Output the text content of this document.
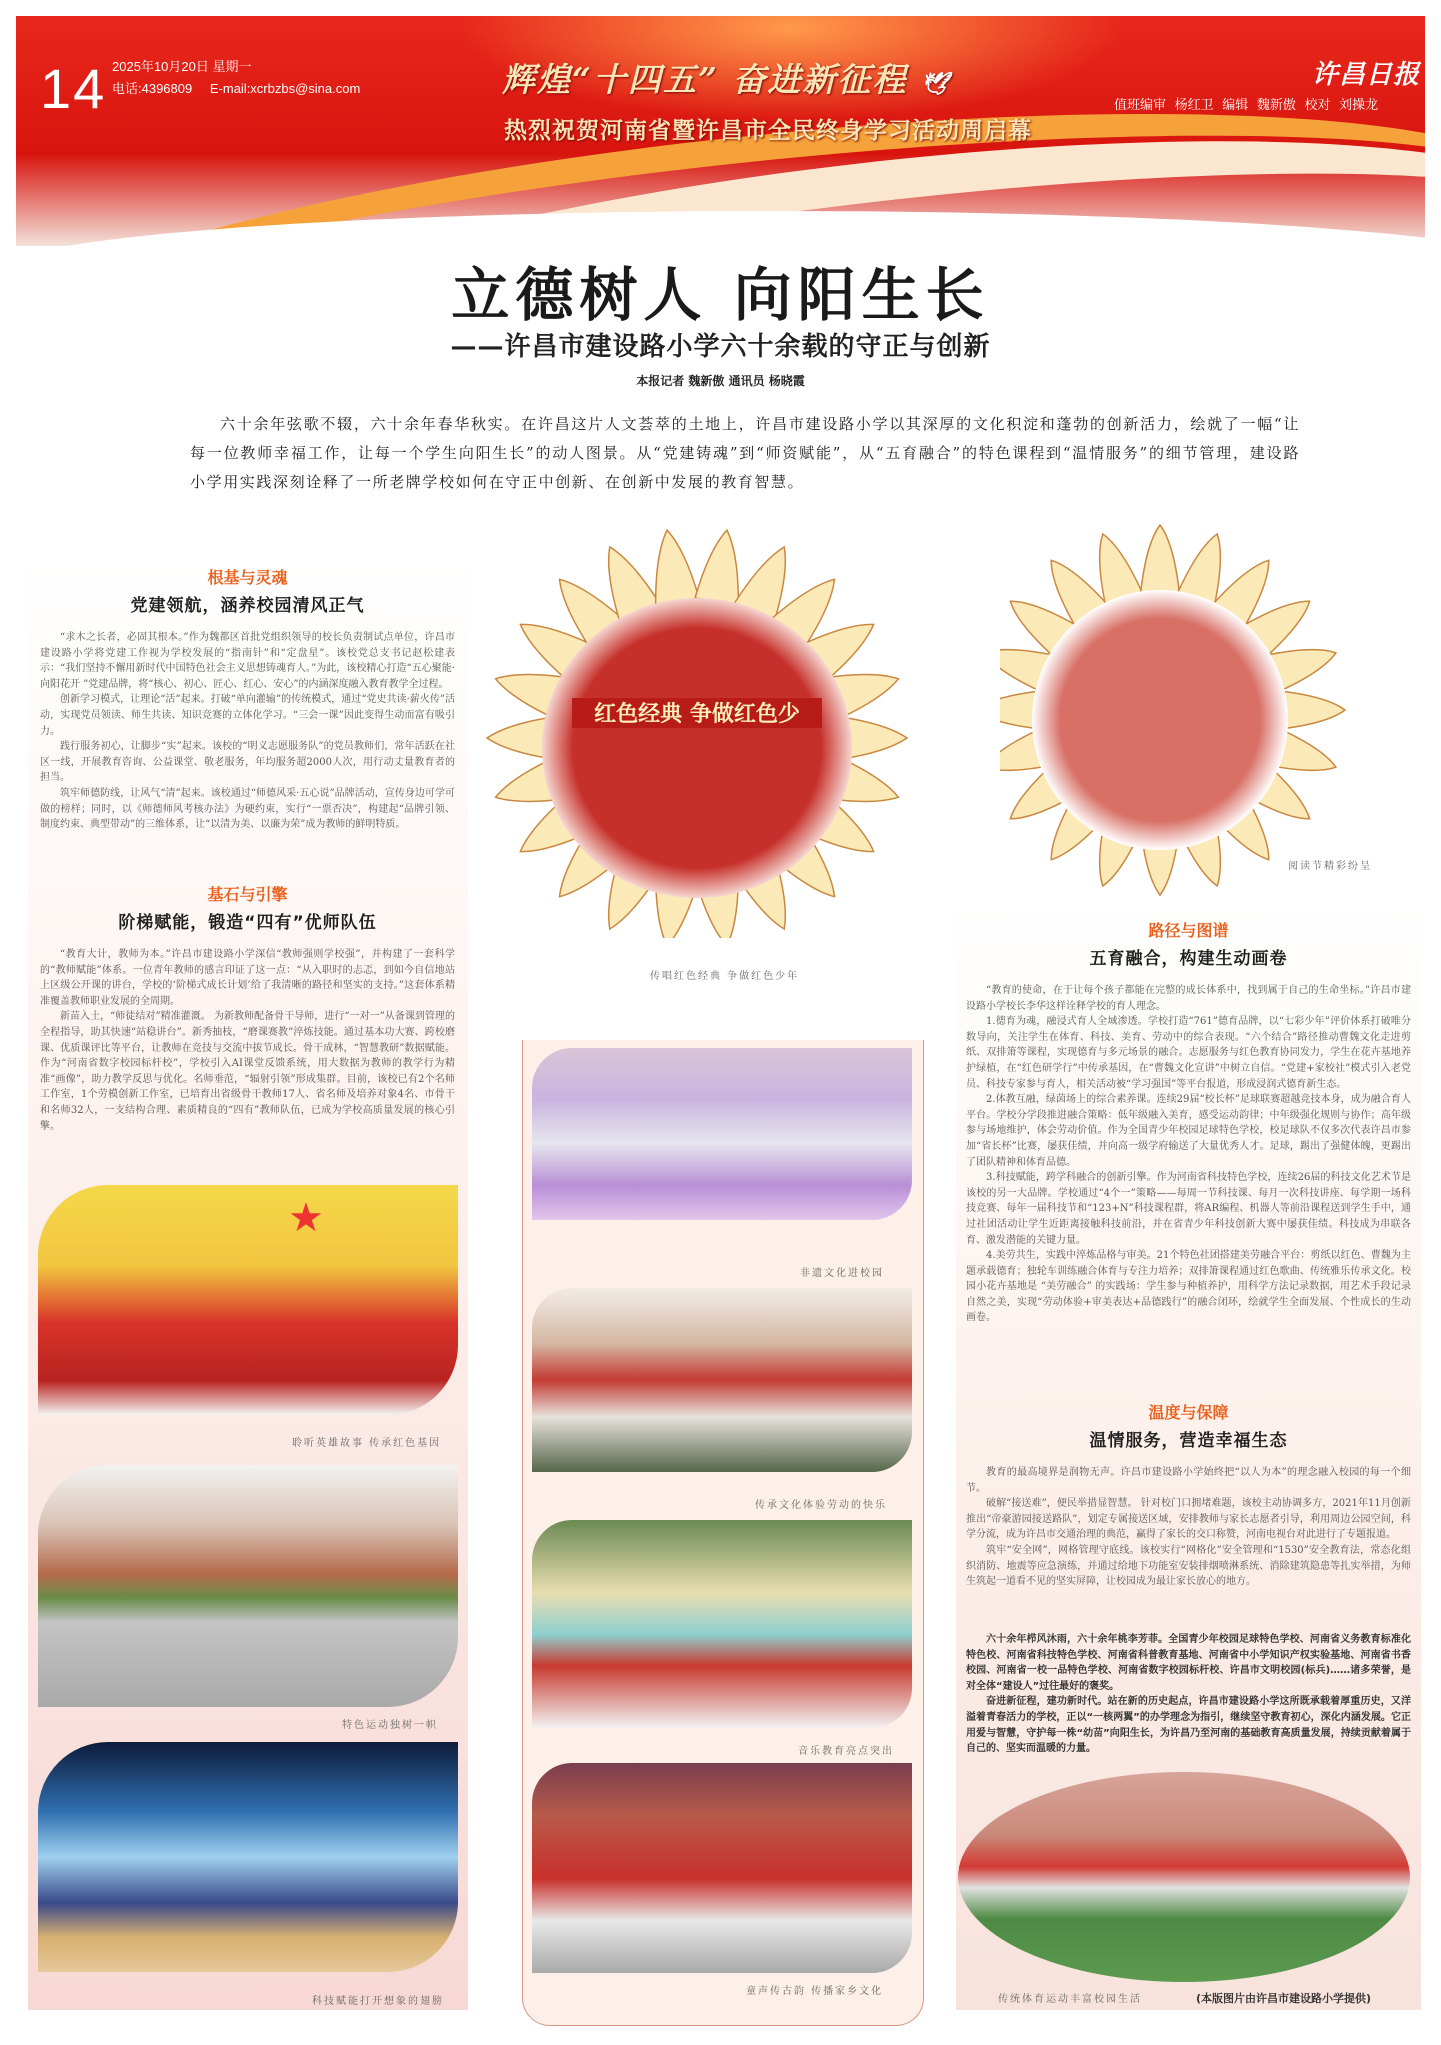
14 2025年10月20日 星期一
电话:4396809 E-mail:xcrbzbs@sina.com	辉煌“十四五” 奋进新征程 🕊
热烈祝贺河南省暨许昌市全民终身学习活动周启幕
许昌日报
值班编审 杨红卫 编辑 魏新傲 校对 刘操龙
立德树人 向阳生长
——许昌市建设路小学六十余载的守正与创新
本报记者 魏新傲 通讯员 杨晓霞
六十余年弦歌不辍，六十余年春华秋实。在许昌这片人文荟萃的土地上，许昌市建设路小学以其深厚的文化积淀和蓬勃的创新活力，绘就了一幅“让每一位教师幸福工作，让每一个学生向阳生长”的动人图景。从“党建铸魂”到“师资赋能”，从“五育融合”的特色课程到“温情服务”的细节管理，建设路小学用实践深刻诠释了一所老牌学校如何在守正中创新、在创新中发展的教育智慧。
根基与灵魂
党建领航，涵养校园清风正气

“求木之长者，必固其根本。”作为魏都区首批党组织领导的校长负责制试点单位，许昌市建设路小学将党建工作视为学校发展的“指南针”和“定盘星”。该校党总支书记赵松建表示：“我们坚持不懈用新时代中国特色社会主义思想铸魂育人。”为此，该校精心打造“五心聚能·向阳花开 ”党建品牌，将“核心、初心、匠心、红心、安心”的内涵深度融入教育教学全过程。

创新学习模式，让理论“活”起来。打破“单向灌输”的传统模式，通过“党史共读·薪火传”活动，实现党员领读、师生共读、知识竞赛的立体化学习。“三会一课”因此变得生动而富有吸引力。

践行服务初心，让脚步“实”起来。该校的“明义志愿服务队”的党员教师们，常年活跃在社区一线，开展教育咨询、公益课堂、敬老服务，年均服务超2000人次，用行动丈量教育者的担当。

筑牢师德防线，让风气“清”起来。该校通过“师德风采·五心说”品牌活动，宣传身边可学可做的榜样；同时，以《师德师风考核办法》为硬约束，实行“一票否决”，构建起“品牌引领、制度约束、典型带动”的三维体系，让“以清为美、以廉为荣”成为教师的鲜明特质。

基石与引擎
阶梯赋能，锻造“四有”优师队伍

“教育大计，教师为本。”许昌市建设路小学深信“教师强则学校强”，并构建了一套科学的“教师赋能”体系。一位青年教师的感言印证了这一点：“从入职时的忐忑，到如今自信地站上区级公开课的讲台，学校的‘阶梯式成长计划’给了我清晰的路径和坚实的支持。”这套体系精准覆盖教师职业发展的全周期。

新苗入土，“师徒结对”精准灌溉。 为新教师配备骨干导师，进行“一对一”从备课到管理的全程指导，助其快速“站稳讲台”。新秀抽枝，“磨课赛教”淬炼技能。通过基本功大赛、跨校磨课、优质课评比等平台，让教师在竞技与交流中拔节成长。骨干成林，“智慧教研”数据赋能。 作为“河南省数字校园标杆校”，学校引入AI课堂反馈系统，用大数据为教师的教学行为精准“画像”，助力教学反思与优化。名师垂范，“辐射引领”形成集群。目前，该校已有2个名师工作室，1个劳模创新工作室，已培育出省级骨干教师17人、省名师及培养对象4名、市骨干和名师32人，一支结构合理、素质精良的“四有”教师队伍，已成为学校高质量发展的核心引擎。

★
聆听英雄故事 传承红色基因
特色运动独树一帜
科技赋能打开想象的翅膀
红色经典 争做红色少
传唱红色经典 争做红色少年
阅读节精彩纷呈
非遗文化进校园
传承文化体验劳动的快乐
音乐教育亮点突出
童声传古韵 传播家乡文化
路径与图谱
五育融合，构建生动画卷

“教育的使命，在于让每个孩子都能在完整的成长体系中，找到属于自己的生命坐标。”许昌市建设路小学校长李华这样诠释学校的育人理念。

1.德育为魂，融浸式育人全域渗透。学校打造“761”德育品牌，以“七彩少年”评价体系打破唯分数导向，关注学生在体育、科技、美育、劳动中的综合表现。“六个结合”路径推动曹魏文化走进剪纸、双排箫等课程，实现德育与多元场景的融合。志愿服务与红色教育协同发力，学生在花卉基地养护绿植，在“红色研学行”中传承基因，在“曹魏文化宣讲”中树立自信。“党建+家校社”模式引入老党员、科技专家参与育人，相关活动被“学习强国”等平台报道，形成浸润式德育新生态。

2.体教互融，绿茵场上的综合素养课。连续29届“校长杯”足球联赛超越竞技本身，成为融合育人平台。学校分学段推进融合策略：低年级融入美育，感受运动韵律；中年级强化规则与协作；高年级参与场地维护，体会劳动价值。作为全国青少年校园足球特色学校，校足球队不仅多次代表许昌市参加“省长杯”比赛，屡获佳绩，并向高一级学府输送了大量优秀人才。足球，踢出了强健体魄，更踢出了团队精神和体育品德。

3.科技赋能，跨学科融合的创新引擎。作为河南省科技特色学校，连续26届的科技文化艺术节是该校的另一大品牌。学校通过“4个一”策略——每周一节科技课、每月一次科技讲座、每学期一场科技竞赛、每年一届科技节和“123+N”科技课程群，将AR编程、机器人等前沿课程送到学生手中，通过社团活动让学生近距离接触科技前沿，并在省青少年科技创新大赛中屡获佳绩。科技成为串联各育、激发潜能的关键力量。

4.美劳共生，实践中淬炼品格与审美。21个特色社团搭建美劳融合平台：剪纸以红色、曹魏为主题承载德育；独轮车训练融合体育与专注力培养；双排箫课程通过红色歌曲、传统雅乐传承文化。校园小花卉基地是 “美劳融合” 的实践场：学生参与种植养护，用科学方法记录数据，用艺术手段记录自然之美，实现“劳动体验+审美表达+品德践行”的融合闭环，绘就学生全面发展、个性成长的生动画卷。

温度与保障
温情服务，营造幸福生态

教育的最高境界是润物无声。许昌市建设路小学始终把“以人为本”的理念融入校园的每一个细节。

破解“接送难”，便民举措显智慧。 针对校门口拥堵难题，该校主动协调多方，2021年11月创新推出“帝豪游园接送路队”，划定专属接送区域，安排教师与家长志愿者引导，利用周边公园空间，科学分流，成为许昌市交通治理的典范，赢得了家长的交口称赞，河南电视台对此进行了专题报道。

筑牢“安全网”，网格管理守底线。该校实行“网格化”安全管理和“1530”安全教育法，常态化组织消防、地震等应急演练，并通过给地下功能室安装排烟喷淋系统、消除建筑隐患等扎实举措，为师生筑起一道看不见的坚实屏障，让校园成为最让家长放心的地方。

六十余年栉风沐雨，六十余年桃李芳菲。全国青少年校园足球特色学校、河南省义务教育标准化特色校、河南省科技特色学校、河南省科普教育基地、河南省中小学知识产权实验基地、河南省书香校园、河南省一校一品特色学校、河南省数字校园标杆校、许昌市文明校园(标兵)……诸多荣誉，是对全体“建设人”过往最好的褒奖。

奋进新征程，建功新时代。站在新的历史起点，许昌市建设路小学这所既承载着厚重历史，又洋溢着青春活力的学校，正以“一核两翼”的办学理念为指引，继续坚守教育初心，深化内涵发展。它正用爱与智慧，守护每一株“幼苗”向阳生长，为许昌乃至河南的基础教育高质量发展，持续贡献着属于自己的、坚实而温暖的力量。

传统体育运动丰富校园生活	(本版图片由许昌市建设路小学提供)
